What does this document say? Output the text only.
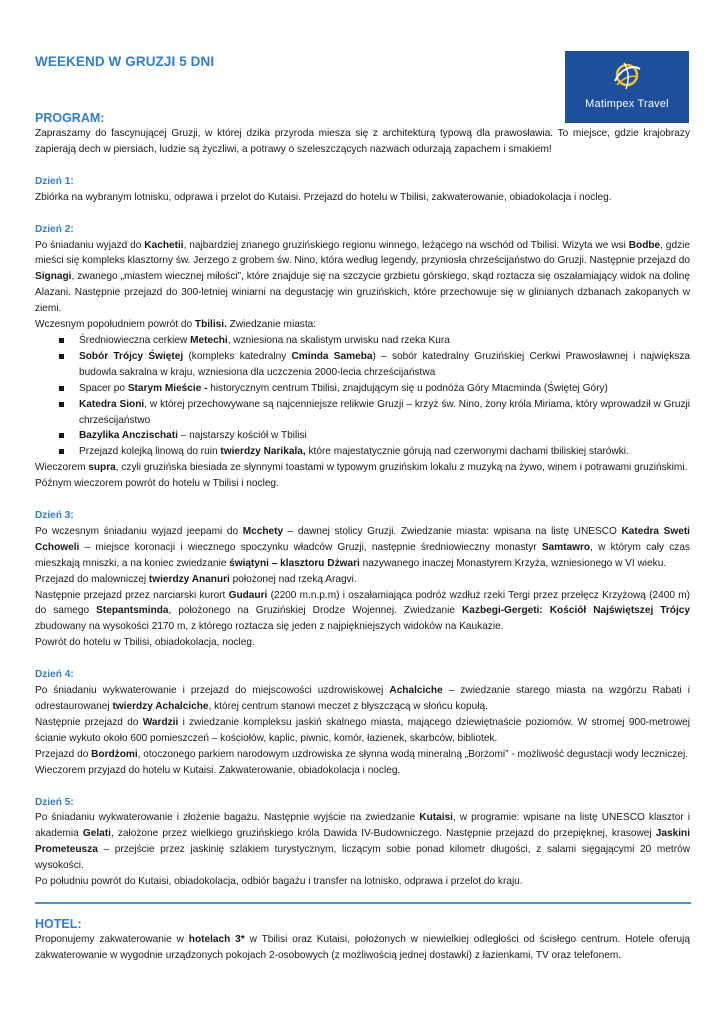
WEEKEND W GRUZJI 5 DNI
Matimpex Travel
PROGRAM:

Zapraszamy do fascynującej Gruzji, w której dzika przyroda miesza się z architekturą typową dla prawosławia. To miejsce, gdzie krajobrazy zapierają dech w piersiach, ludzie są życzliwi, a potrawy o szeleszczących nazwach odurzają zapachem i smakiem!

Dzień 1:

Zbiórka na wybranym lotnisku, odprawa i przelot do Kutaisi. Przejazd do hotelu w Tbilisi, zakwaterowanie, obiadokolacja i nocleg.

Dzień 2:

Po śniadaniu wyjazd do Kachetii, najbardziej znanego gruzińskiego regionu winnego, leżącego na wschód od Tbilisi. Wizyta we wsi Bodbe, gdzie mieści się kompleks klasztorny św. Jerzego z grobem św. Nino, która według legendy, przyniosła chrześcijaństwo do Gruzji. Następnie przejazd do Signagi, zwanego „miastem wiecznej miłości”, które znajduje się na szczycie grzbietu górskiego, skąd roztacza się oszałamiający widok na dolinę Alazani. Następnie przejazd do 300-letniej winiarni na degustację win gruzińskich, które przechowuje się w glinianych dzbanach zakopanych w ziemi.

Wczesnym popołudniem powrót do Tbilisi. Zwiedzanie miasta:

Średniowieczna cerkiew Metechi, wzniesiona na skalistym urwisku nad rzeka Kura
Sobór Trójcy Świętej (kompleks katedralny Cminda Sameba) – sobór katedralny Gruzińskiej Cerkwi Prawosławnej i największa budowla sakralna w kraju, wzniesiona dla uczczenia 2000-lecia chrześcijaństwa
Spacer po Starym Mieście - historycznym centrum Tbilisi, znajdującym się u podnóża Góry Mtacminda (Świętej Góry)
Katedra Sioni, w której przechowywane są najcenniejsze relikwie Gruzji – krzyż św. Nino, żony króla Miriama, który wprowadził w Gruzji chrześcijaństwo
Bazylika Anczischati – najstarszy kościół w Tbilisi
Przejazd kolejką linową do ruin twierdzy Narikala, które majestatycznie górują nad czerwonymi dachami tbiliskiej starówki.

Wieczorem supra, czyli gruzińska biesiada ze słynnymi toastami w typowym gruzińskim lokalu z muzyką na żywo, winem i potrawami gruzińskimi.

Późnym wieczorem powrót do hotelu w Tbilisi i nocleg.

Dzień 3:

Po wczesnym śniadaniu wyjazd jeepami do Mcchety – dawnej stolicy Gruzji. Zwiedzanie miasta: wpisana na listę UNESCO Katedra Sweti Cchoweli – miejsce koronacji i wiecznego spoczynku władców Gruzji, następnie średniowieczny monastyr Samtawro, w którym cały czas mieszkają mniszki, a na koniec zwiedzanie świątyni – klasztoru Dżwari nazywanego inaczej Monastyrem Krzyża, wzniesionego w VI wieku.

Przejazd do malowniczej twierdzy Ananuri położonej nad rzeką Aragvi.

Następnie przejazd przez narciarski kurort Gudauri (2200 m.n.p.m) i oszałamiająca podróż wzdłuż rzeki Tergi przez przełęcz Krzyżową (2400 m) do samego Stepantsminda, położonego na Gruzińskiej Drodze Wojennej. Zwiedzanie Kazbegi-Gergeti: Kościół Najświętszej Trójcy zbudowany na wysokości 2170 m, z którego roztacza się jeden z najpiękniejszych widoków na Kaukazie.

Powrót do hotelu w Tbilisi, obiadokolacja, nocleg.

Dzień 4:

Po śniadaniu wykwaterowanie i przejazd do miejscowości uzdrowiskowej Achalciche – zwiedzanie starego miasta na wzgórzu Rabati i odrestaurowanej twierdzy Achalciche, której centrum stanowi meczet z błyszczącą w słońcu kopułą.

Następnie przejazd do Wardzii i zwiedzanie kompleksu jaskiń skalnego miasta, mającego dziewiętnaście poziomów. W stromej 900-metrowej ścianie wykuto około 600 pomieszczeń – kościołów, kaplic, piwnic, komór, łazienek, skarbców, bibliotek.

Przejazd do Bordżomi, otoczonego parkiem narodowym uzdrowiska ze słynna wodą mineralną „Borżomi” - możliwość degustacji wody leczniczej.

Wieczorem przyjazd do hotelu w Kutaisi. Zakwaterowanie, obiadokolacja i nocleg.

Dzień 5:

Po śniadaniu wykwaterowanie i złożenie bagażu. Następnie wyjście na zwiedzanie Kutaisi, w programie: wpisane na listę UNESCO klasztor i akademia Gelati, założone przez wielkiego gruzińskiego króla Dawida IV-Budowniczego. Następnie przejazd do przepięknej, krasowej Jaskini Prometeusza – przejście przez jaskinię szlakiem turystycznym, liczącym sobie ponad kilometr długości, z salami sięgającymi 20 metrów wysokości.

Po południu powrót do Kutaisi, obiadokolacja, odbiór bagażu i transfer na lotnisko, odprawa i przelot do kraju.

HOTEL:

Proponujemy zakwaterowanie w hotelach 3* w Tbilisi oraz Kutaisi, położonych w niewielkiej odległości od ścisłego centrum. Hotele oferują zakwaterowanie w wygodnie urządzonych pokojach 2-osobowych (z możliwością jednej dostawki) z łazienkami, TV oraz telefonem.
